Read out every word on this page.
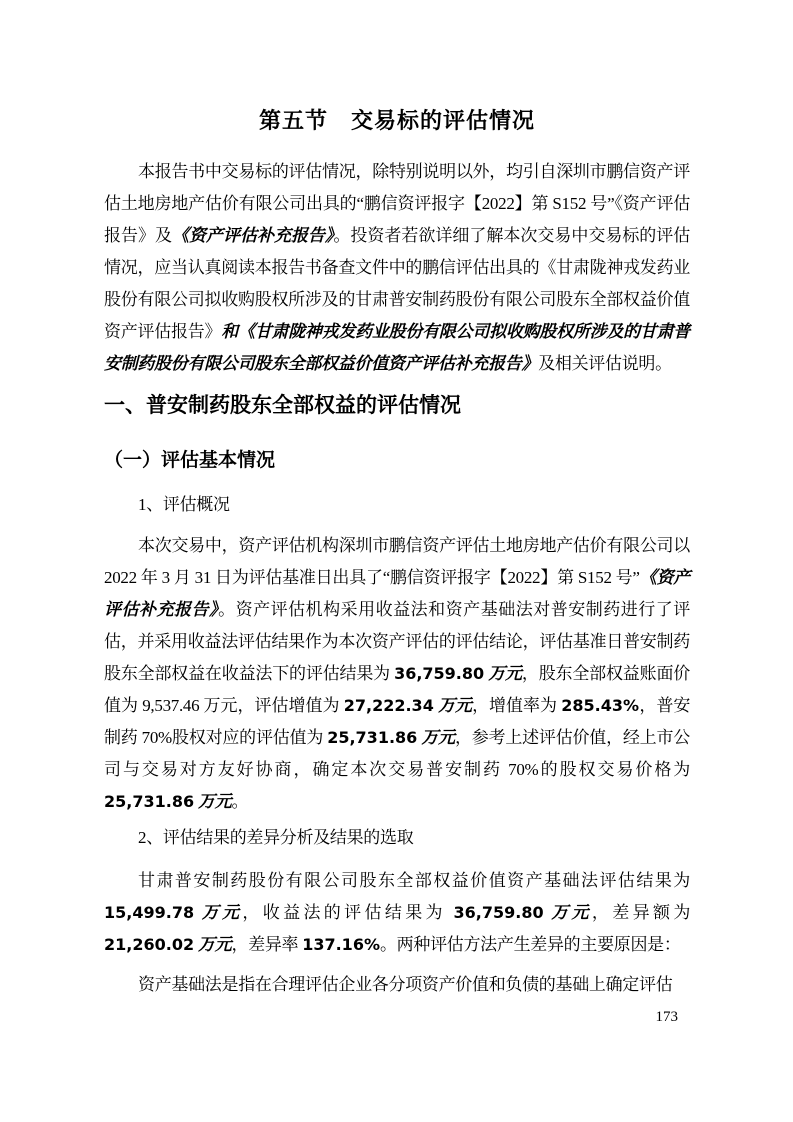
第五节　交易标的评估情况

本报告书中交易标的评估情况，除特别说明以外，均引自深圳市鹏信资产评估土地房地产估价有限公司出具的“鹏信资评报字【2022】第 S152 号”《资产评估报告》及《资产评估补充报告》。投资者若欲详细了解本次交易中交易标的评估情况，应当认真阅读本报告书备查文件中的鹏信评估出具的《甘肃陇神戎发药业股份有限公司拟收购股权所涉及的甘肃普安制药股份有限公司股东全部权益价值资产评估报告》和《甘肃陇神戎发药业股份有限公司拟收购股权所涉及的甘肃普安制药股份有限公司股东全部权益价值资产评估补充报告》及相关评估说明。

一、普安制药股东全部权益的评估情况
（一）评估基本情况

1、评估概况

本次交易中，资产评估机构深圳市鹏信资产评估土地房地产估价有限公司以 2022 年 3 月 31 日为评估基准日出具了“鹏信资评报字【2022】第 S152 号”《资产评估补充报告》。资产评估机构采用收益法和资产基础法对普安制药进行了评估，并采用收益法评估结果作为本次资产评估的评估结论，评估基准日普安制药股东全部权益在收益法下的评估结果为 36,759.80 万元，股东全部权益账面价值为 9,537.46 万元，评估增值为 27,222.34 万元，增值率为 285.43%，普安制药 70%股权对应的评估值为 25,731.86 万元，参考上述评估价值，经上市公司与交易对方友好协商，确定本次交易普安制药 70%的股权交易价格为 25,731.86 万元。

2、评估结果的差异分析及结果的选取

甘肃普安制药股份有限公司股东全部权益价值资产基础法评估结果为 15,499.78 万元，收益法的评估结果为 36,759.80 万元，差异额为 21,260.02 万元，差异率 137.16%。两种评估方法产生差异的主要原因是：

资产基础法是指在合理评估企业各分项资产价值和负债的基础上确定评估

173
